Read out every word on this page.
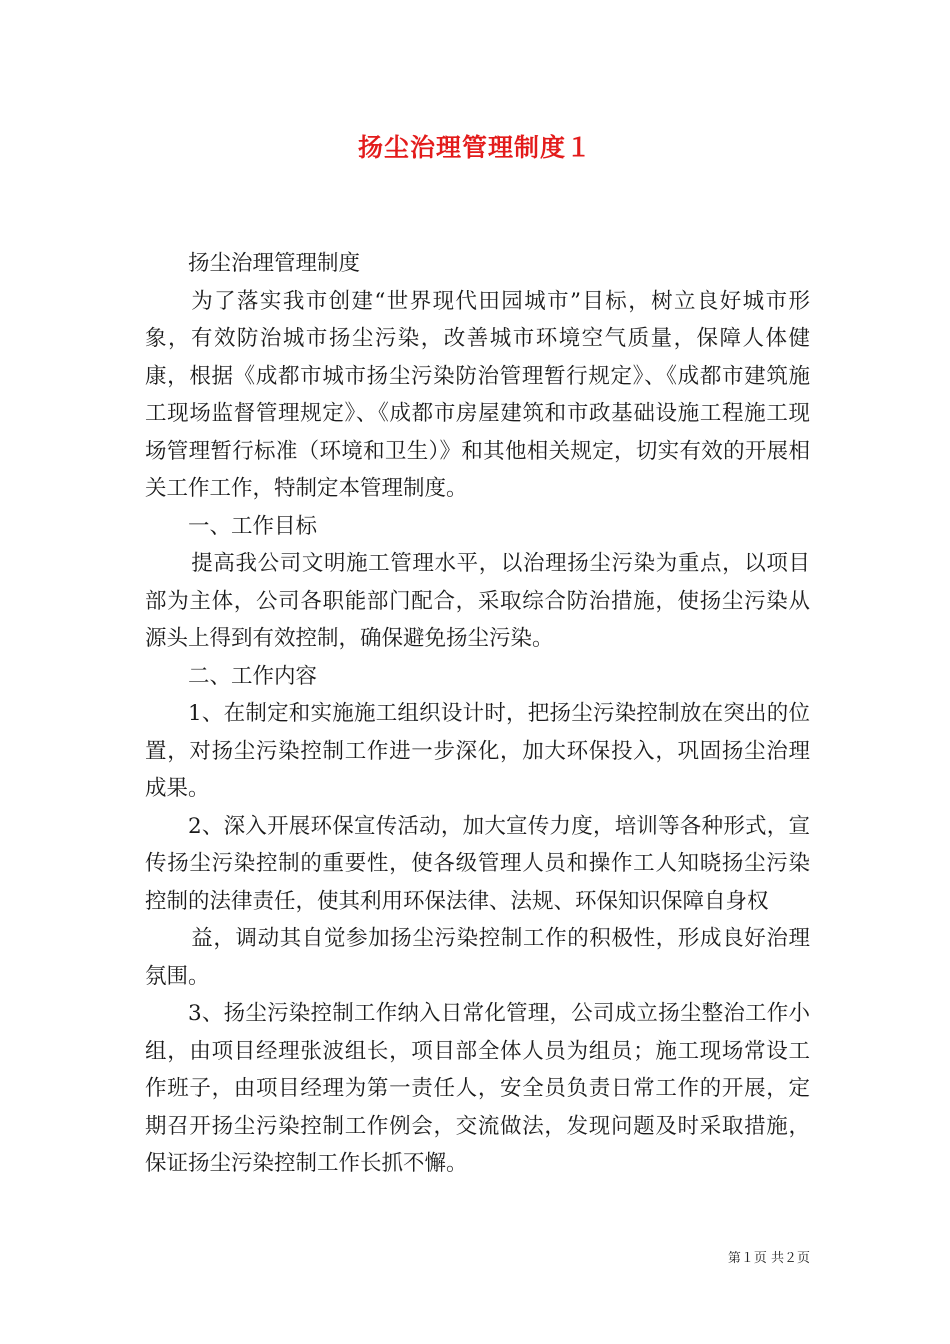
扬尘治理管理制度１

扬尘治理管理制度

为了落实我市创建“世界现代田园城市”目标，树立良好城市形象，有效防治城市扬尘污染，改善城市环境空气质量，保障人体健康，根据《成都市城市扬尘污染防治管理暂行规定》、《成都市建筑施工现场监督管理规定》、《成都市房屋建筑和市政基础设施工程施工现场管理暂行标准（环境和卫生）》和其他相关规定，切实有效的开展相关工作工作，特制定本管理制度。

一、工作目标

提高我公司文明施工管理水平，以治理扬尘污染为重点，以项目部为主体，公司各职能部门配合，采取综合防治措施，使扬尘污染从源头上得到有效控制，确保避免扬尘污染。

二、工作内容

1、在制定和实施施工组织设计时，把扬尘污染控制放在突出的位置，对扬尘污染控制工作进一步深化，加大环保投入，巩固扬尘治理成果。

2、深入开展环保宣传活动，加大宣传力度，培训等各种形式，宣传扬尘污染控制的重要性，使各级管理人员和操作工人知晓扬尘污染控制的法律责任，使其利用环保法律、法规、环保知识保障自身权

益，调动其自觉参加扬尘污染控制工作的积极性，形成良好治理氛围。

3、扬尘污染控制工作纳入日常化管理，公司成立扬尘整治工作小组，由项目经理张波组长，项目部全体人员为组员；施工现场常设工作班子，由项目经理为第一责任人，安全员负责日常工作的开展，定期召开扬尘污染控制工作例会，交流做法，发现问题及时采取措施，保证扬尘污染控制工作长抓不懈。

第１页 共２页
